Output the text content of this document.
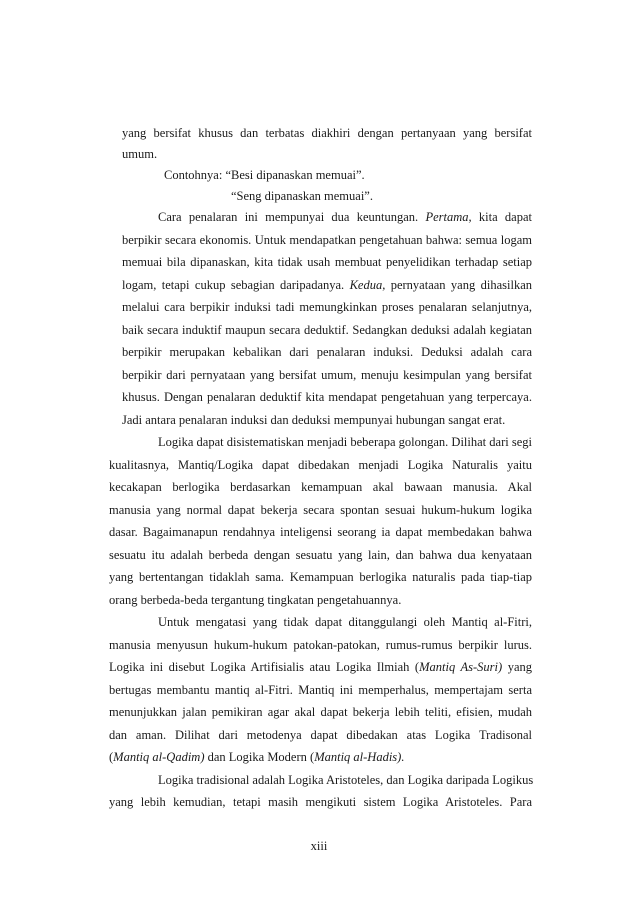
yang bersifat khusus dan terbatas diakhiri dengan pertanyaan yang bersifat
umum.
Contohnya: “Besi dipanaskan memuai”.
“Seng dipanaskan memuai”.
Cara penalaran ini mempunyai dua keuntungan. Pertama, kita dapat
berpikir secara ekonomis. Untuk mendapatkan pengetahuan bahwa: semua logam
memuai bila dipanaskan, kita tidak usah membuat penyelidikan terhadap setiap
logam, tetapi cukup sebagian daripadanya. Kedua, pernyataan yang dihasilkan
melalui cara berpikir induksi tadi memungkinkan proses penalaran selanjutnya,
baik secara induktif maupun secara deduktif. Sedangkan deduksi adalah kegiatan
berpikir merupakan kebalikan dari penalaran induksi. Deduksi adalah cara
berpikir dari pernyataan yang bersifat umum, menuju kesimpulan yang bersifat
khusus. Dengan penalaran deduktif kita mendapat pengetahuan yang terpercaya.
Jadi antara penalaran induksi dan deduksi mempunyai hubungan sangat erat.
Logika dapat disistematiskan menjadi beberapa golongan. Dilihat dari segi
kualitasnya, Mantiq/Logika dapat dibedakan menjadi Logika Naturalis yaitu
kecakapan berlogika berdasarkan kemampuan akal bawaan manusia. Akal
manusia yang normal dapat bekerja secara spontan sesuai hukum-hukum logika
dasar. Bagaimanapun rendahnya inteligensi seorang ia dapat membedakan bahwa
sesuatu itu adalah berbeda dengan sesuatu yang lain, dan bahwa dua kenyataan
yang bertentangan tidaklah sama. Kemampuan berlogika naturalis pada tiap-tiap
orang berbeda-beda tergantung tingkatan pengetahuannya.
Untuk mengatasi yang tidak dapat ditanggulangi oleh Mantiq al-Fitri,
manusia menyusun hukum-hukum patokan-patokan, rumus-rumus berpikir lurus.
Logika ini disebut Logika Artifisialis atau Logika Ilmiah (Mantiq As-Suri) yang
bertugas membantu mantiq al-Fitri. Mantiq ini memperhalus, mempertajam serta
menunjukkan jalan pemikiran agar akal dapat bekerja lebih teliti, efisien, mudah
dan aman. Dilihat dari metodenya dapat dibedakan atas Logika Tradisonal
(Mantiq al-Qadim) dan Logika Modern (Mantiq al-Hadis).
Logika tradisional adalah Logika Aristoteles, dan Logika daripada Logikus
yang lebih kemudian, tetapi masih mengikuti sistem Logika Aristoteles. Para
xiii
